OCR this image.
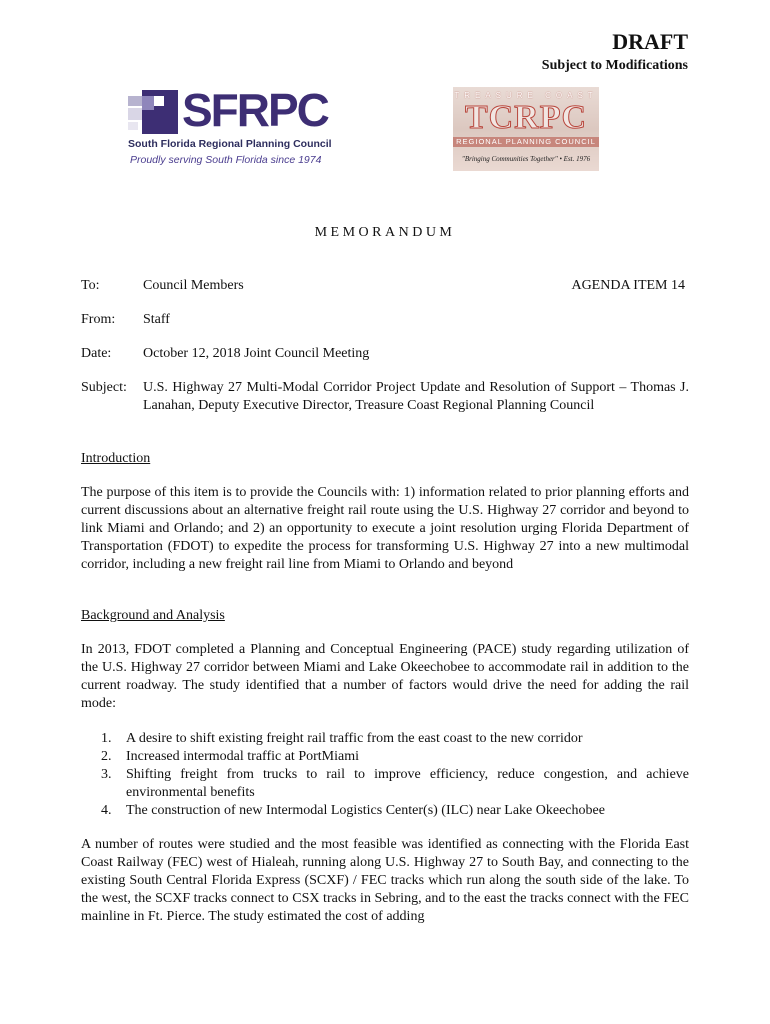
DRAFT
Subject to Modifications
SFRPC
South Florida Regional Planning Council
Proudly serving South Florida since 1974
TREASURE COAST
TCRPC
REGIONAL PLANNING COUNCIL
"Bringing Communities Together" • Est. 1976
MEMORANDUM
To:	Council Members	AGENDA ITEM 14
From: Staff
Date: October 12, 2018 Joint Council Meeting
Subject: U.S. Highway 27 Multi-Modal Corridor Project Update and Resolution of Support – Thomas J. Lanahan, Deputy Executive Director, Treasure Coast Regional Planning Council
Introduction
The purpose of this item is to provide the Councils with: 1) information related to prior planning efforts and current discussions about an alternative freight rail route using the U.S. Highway 27 corridor and beyond to link Miami and Orlando; and 2) an opportunity to execute a joint resolution urging Florida Department of Transportation (FDOT) to expedite the process for transforming U.S. Highway 27 into a new multimodal corridor, including a new freight rail line from Miami to Orlando and beyond
Background and Analysis
In 2013, FDOT completed a Planning and Conceptual Engineering (PACE) study regarding utilization of the U.S. Highway 27 corridor between Miami and Lake Okeechobee to accommodate rail in addition to the current roadway. The study identified that a number of factors would drive the need for adding the rail mode:
1. A desire to shift existing freight rail traffic from the east coast to the new corridor
2. Increased intermodal traffic at PortMiami
3. Shifting freight from trucks to rail to improve efficiency, reduce congestion, and achieve environmental benefits
4. The construction of new Intermodal Logistics Center(s) (ILC) near Lake Okeechobee
A number of routes were studied and the most feasible was identified as connecting with the Florida East Coast Railway (FEC) west of Hialeah, running along U.S. Highway 27 to South Bay, and connecting to the existing South Central Florida Express (SCXF) / FEC tracks which run along the south side of the lake. To the west, the SCXF tracks connect to CSX tracks in Sebring, and to the east the tracks connect with the FEC mainline in Ft. Pierce. The study estimated the cost of adding
